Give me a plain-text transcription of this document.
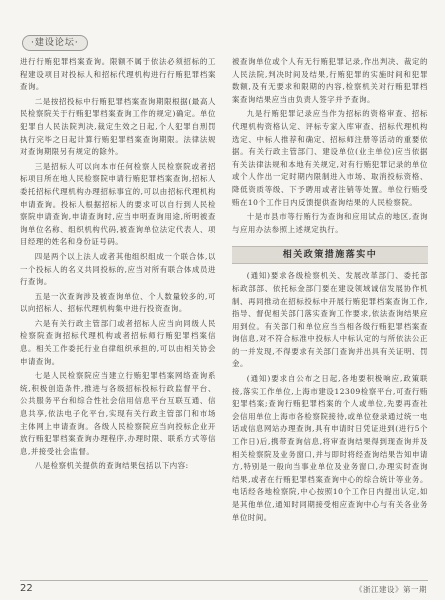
·建设论坛·

进行行贿犯罪档案查询。限额不属于依法必须招标的工程建设项目对投标人和招标代理机构进行行贿犯罪档案查询。

二是按招投标中行贿犯罪档案查询期限根据(最高人民检察院关于行贿犯罪档案查询工作的规定)确定。单位犯罪自人民法院判决,裁定生效之日起,个人犯罪自刑罚执行完毕之日起计算行贿犯罪档案查询期限。法律法规对查询期限另有规定的除外。

三是招标人可以向本市任何检察人民检察院或者招标项目所在地人民检察院申请行贿犯罪档案查询,招标人委托招标代理机构办理招标事宜的,可以由招标代理机构申请查询。投标人根据招标人的要求可以自行到人民检察院申请查询,申请查询时,应当申明查询用途,所明被查询单位名称、组织机构代码,被查询单位法定代表人、项目经理的姓名和身份证号码。

四是两个以上法人或者其他组织组成一个联合体,以一个投标人的名义共同投标的,应当对所有联合体成员进行查询。

五是一次查询涉及被查询单位、个人数量较多的,可以向招标人、招标代理机构集中进行投资查询。

六是有关行政主管部门或者招标人应当向同级人民检察院查询招标代理机构或者招标师行贿犯罪档案信息。相关工作委托行业自律组织承担的,可以由相关协会申请查询。

七是人民检察院应当建立行贿犯罪档案网络查询系统,积极创造条件,推进与各级招标投标行政监督平台、公共服务平台和综合性社会信用信息平台互联互通、信息共享,依法电子化平台,实现有关行政主管部门和市场主体网上申请查询。各级人民检察院应当向投标企业开放行贿犯罪档案查询办理程序,办理时限、联系方式等信息,并接受社会监督。

八是检察机关提供的查询结果包括以下内容:

被查询单位或个人有无行贿犯罪记录,作出判决、裁定的人民法院,判决时间及结果,行贿犯罪的实施时间和犯罪数额,及有无要求和限期的内容,检察机关对行贿犯罪档案查询结果应当由负责人签字并予查询。

九是行贿犯罪记录应当作为招标的资格审查、招标代理机构资格认定、评标专家入库审查、招标代理机构选定、中标人推荐和确定、招标师注册等活动的重要依据。有关行政主管部门、建设单位(业主单位)应当依据有关法律法规和本地有关规定,对有行贿犯罪记录的单位或个人作出一定时期内限制进入市场、取消投标资格、降低资质等级、下予聘用或者注销等处置。单位行贿受贿在10个工作日内反馈提供查询结果的人民检察院。

十是市县市等行贿行为查询和应用试点的地区,查询与应用办法参照上述规定执行。

相关政策措施落实中

(通知)要求各级检察机关、发展改革部门、委托部标政部部、依托标金部门要在建设领域诚信发展协作机制、再同推动在招标投标中开展行贿犯罪档案查询工作,指导、督促相关部门落实查询工作要求,依法查询结果应用到位。有关部门和单位应当当相各级行贿犯罪档案查询信息,对不符合标准中投标人中标认定的与所依法公正的一并发现,不得要求有关部门查询并出具有关证明、罚金。

(通知)要求自公布之日起,各地要积极响应,政策联接,落实工作单位,上海市建设12309检察平台,可查行贿犯罪档案;查询行贿犯罪档案的个人或单位,先要再查社会信用单位上海市各检察院接待,或单位登录通过统一电话或信息网站办理查询,具有申请时日凭证进到(进行5个工作日)后,携带查询信息,将审查询结果得到现查询并及相关检察院及业务窗口,并与即时将经查询结果告知申请方,特别是一般向当事业单位及业务窗口,办理实时查询结果,或者在行贿犯罪档案查询中心的综合统计等业务。电话经各地检察院,中心按照10个工作日内提出认定,如是其他单位,通知时同期接受相应查询中心与有关各业务单位时间。

22	《浙江建设》第一期
